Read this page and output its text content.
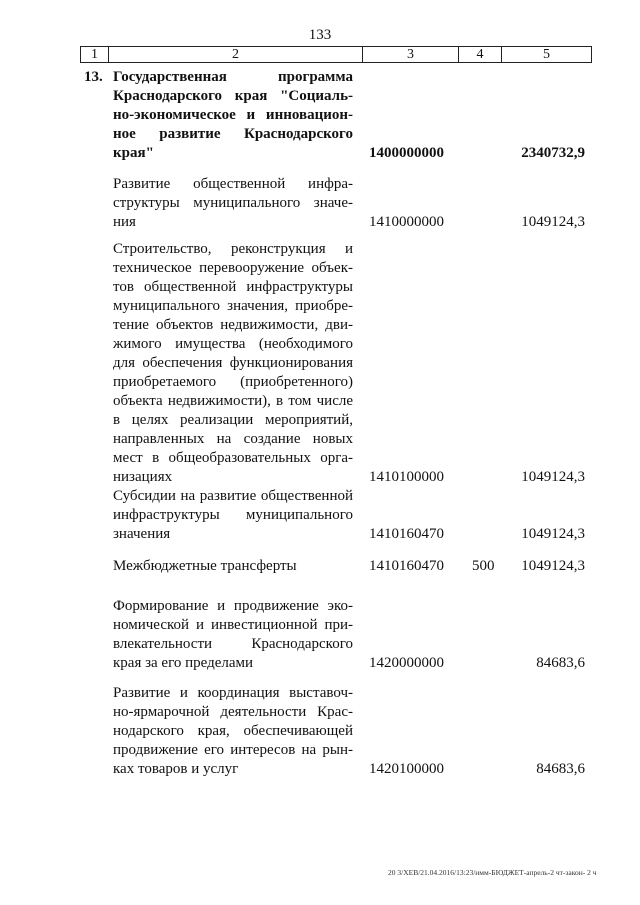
133
1	2	3	4	5
13. Государственная программа
Краснодарского края "Социаль-
но-экономическое и инновацион-
ное развитие Краснодарского
края"	1400000000	2340732,9
Развитие общественной инфра-
структуры муниципального значе-
ния	1410000000	1049124,3
Строительство, реконструкция и
техническое перевооружение объек-
тов общественной инфраструктуры
муниципального значения, приобре-
тение объектов недвижимости, дви-
жимого имущества (необходимого
для обеспечения функционирования
приобретаемого (приобретенного)
объекта недвижимости), в том числе
в целях реализации мероприятий,
направленных на создание новых
мест в общеобразовательных орга-
низациях	1410100000	1049124,3
Субсидии на развитие общественной
инфраструктуры муниципального
значения	1410160470	1049124,3
Межбюджетные трансферты	1410160470 500 1049124,3
Формирование и продвижение эко-
номической и инвестиционной при-
влекательности Краснодарского
края за его пределами	1420000000	84683,6
Развитие и координация выставоч-
но-ярмарочной деятельности Крас-
нодарского края, обеспечивающей
продвижение его интересов на рын-
ках товаров и услуг	1420100000	84683,6
20 3/ХЕВ/21.04.2016/13:23/имм-БЮДЖЕТ-апрель-2 чт-закон- 2 ч
